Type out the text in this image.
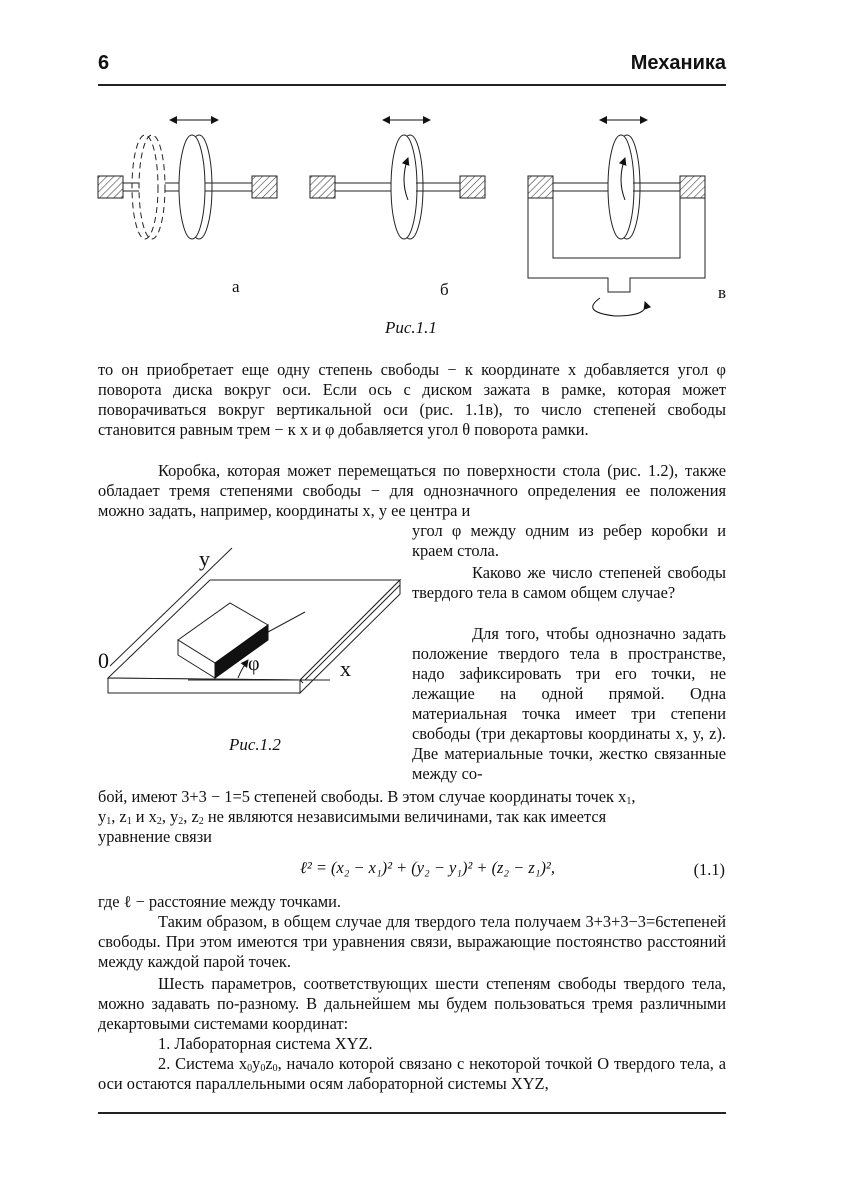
6	Механика
а	б	в
Рис.1.1

то он приобретает еще одну степень свободы − к координате x добавляется угол φ поворота диска вокруг оси. Если ось с диском зажата в рамке, которая может поворачиваться вокруг вертикальной оси (рис. 1.1в), то число степеней свободы становится равным трем − к x и φ добавляется угол θ поворота рамки.

Коробка, которая может перемещаться по поверхности стола (рис. 1.2), также обладает тремя степенями свободы − для однозначного определения ее положения можно задать, например, координаты x, y ее центра и

y
x
0	φ
Рис.1.2

угол φ между одним из ребер коробки и краем стола.

Каково же число степеней свободы твердого тела в самом общем случае?

Для того, чтобы однозначно задать положение твердого тела в пространстве, надо зафиксировать три его точки, не лежащие на одной прямой. Одна материальная точка имеет три степени свободы (три декартовы координаты x, y, z). Две материальные точки, жестко связанные между со-

бой, имеют 3+3 − 1=5 степеней свободы. В этом случае координаты точек $x_1$,
$y_1$, $z_1$ и $x_2$, $y_2$, $z_2$ не являются независимыми величинами, так как имеется
уравнение связи
ℓ² = (x₂ − x₁)² + (y₂ − y₁)² + (z₂ − z₁)²,	(1.1)
где ℓ − расстояние между точками.

Таким образом, в общем случае для твердого тела получаем 3+3+3−3=6степеней свободы. При этом имеются три уравнения связи, выражающие постоянство расстояний между каждой парой точек.

Шесть параметров, соответствующих шести степеням свободы твердого тела, можно задавать по-разному. В дальнейшем мы будем пользоваться тремя различными декартовыми системами координат:

1. Лабораторная система XYZ.

2. Система $x_0y_0z_0$, начало которой связано с некоторой точкой O твердого тела, а оси остаются параллельными осям лабораторной системы XYZ,
